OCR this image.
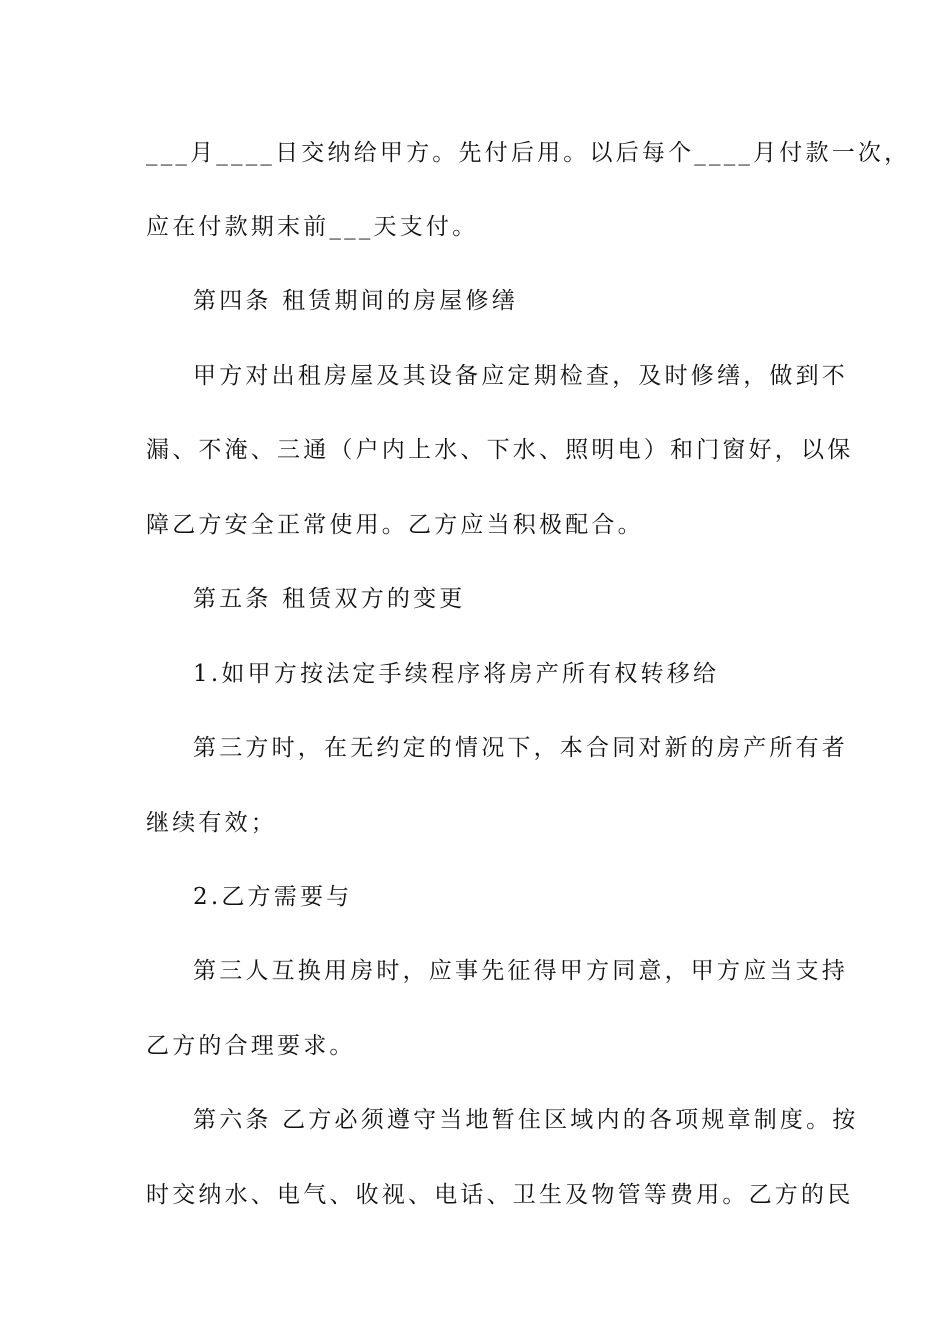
___月____日交纳给甲方。先付后用。以后每个____月付款一次，

应在付款期末前___天支付。

第四条 租赁期间的房屋修缮

甲方对出租房屋及其设备应定期检查，及时修缮，做到不

漏、不淹、三通（户内上水、下水、照明电）和门窗好，以保

障乙方安全正常使用。乙方应当积极配合。

第五条 租赁双方的变更

1.如甲方按法定手续程序将房产所有权转移给

第三方时，在无约定的情况下，本合同对新的房产所有者

继续有效；

2.乙方需要与

第三人互换用房时，应事先征得甲方同意，甲方应当支持

乙方的合理要求。

第六条 乙方必须遵守当地暂住区域内的各项规章制度。按

时交纳水、电气、收视、电话、卫生及物管等费用。乙方的民
